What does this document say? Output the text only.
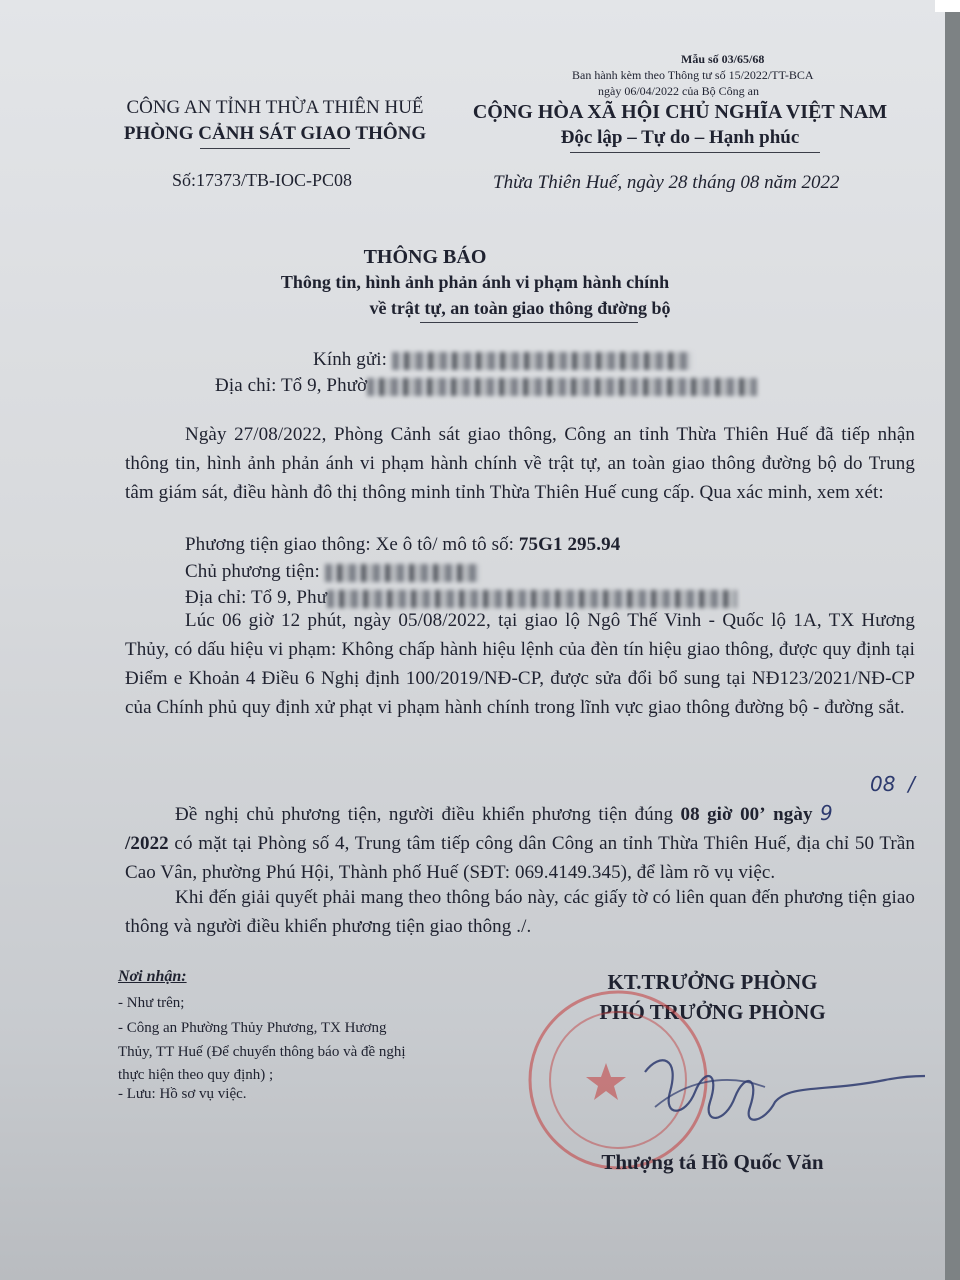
Mẫu số 03/65/68
Ban hành kèm theo Thông tư số 15/2022/TT-BCA
ngày 06/04/2022 của Bộ Công an
CÔNG AN TỈNH THỪA THIÊN HUẾ
PHÒNG CẢNH SÁT GIAO THÔNG
Số:17373/TB-IOC-PC08
CỘNG HÒA XÃ HỘI CHỦ NGHĨA VIỆT NAM
Độc lập – Tự do – Hạnh phúc
Thừa Thiên Huế, ngày 28 tháng 08 năm 2022
THÔNG BÁO
Thông tin, hình ảnh phản ánh vi phạm hành chính
về trật tự, an toàn giao thông đường bộ
Kính gửi:
Địa chỉ: Tổ 9, Phườ
Ngày 27/08/2022, Phòng Cảnh sát giao thông, Công an tỉnh Thừa Thiên Huế đã tiếp nhận thông tin, hình ảnh phản ánh vi phạm hành chính về trật tự, an toàn giao thông đường bộ do Trung tâm giám sát, điều hành đô thị thông minh tỉnh Thừa Thiên Huế cung cấp. Qua xác minh, xem xét:
Phương tiện giao thông: Xe ô tô/ mô tô số: 75G1 295.94
Chủ phương tiện:
Địa chỉ: Tổ 9, Phư
Lúc 06 giờ 12 phút, ngày 05/08/2022, tại giao lộ Ngô Thế Vinh - Quốc lộ 1A, TX Hương Thủy, có dấu hiệu vi phạm: Không chấp hành hiệu lệnh của đèn tín hiệu giao thông, được quy định tại Điểm e Khoản 4 Điều 6 Nghị định 100/2019/NĐ-CP, được sửa đổi bổ sung tại NĐ123/2021/NĐ-CP của Chính phủ quy định xử phạt vi phạm hành chính trong lĩnh vực giao thông đường bộ - đường sắt.
Đề nghị chủ phương tiện, người điều khiển phương tiện đúng 08 giờ 00’ ngày 08 / 9/2022 có mặt tại Phòng số 4, Trung tâm tiếp công dân Công an tỉnh Thừa Thiên Huế, địa chỉ 50 Trần Cao Vân, phường Phú Hội, Thành phố Huế (SĐT: 069.4149.345), để làm rõ vụ việc.
Khi đến giải quyết phải mang theo thông báo này, các giấy tờ có liên quan đến phương tiện giao thông và người điều khiển phương tiện giao thông ./.
Nơi nhận:
- Như trên;
- Công an Phường Thủy Phương, TX Hương
Thủy, TT Huế (Để chuyển thông báo và đề nghị
thực hiện theo quy định) ;
- Lưu: Hồ sơ vụ việc.
KT.TRƯỞNG PHÒNG
PHÓ TRƯỞNG PHÒNG
Thượng tá Hồ Quốc Văn
